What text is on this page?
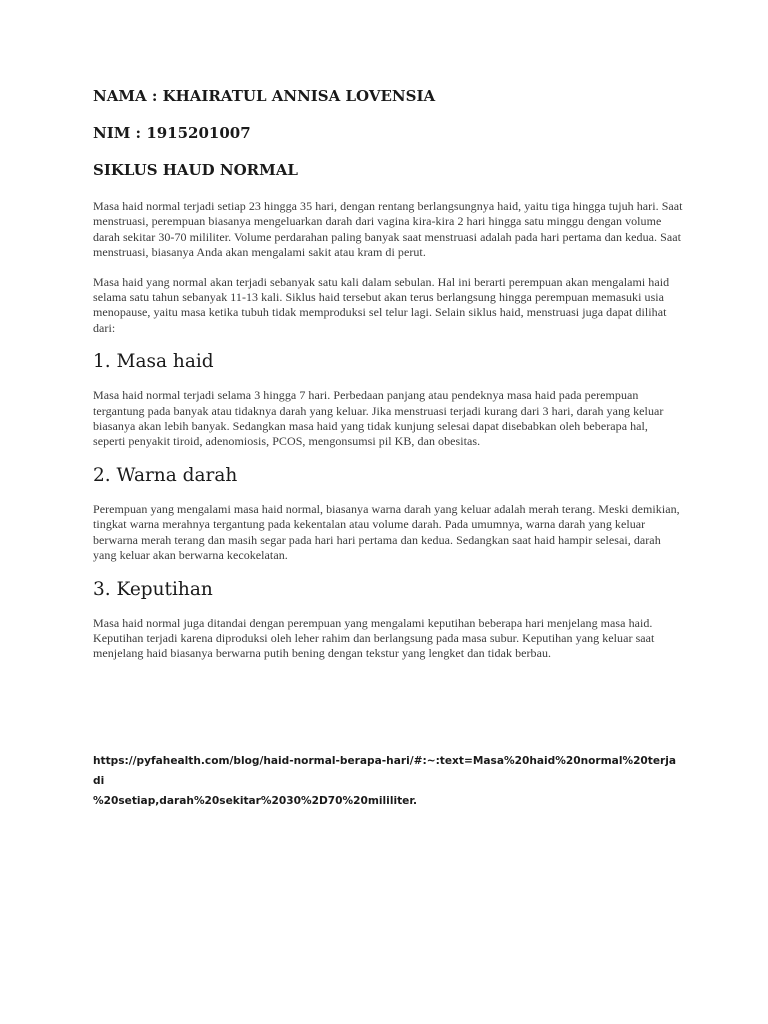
NAMA : KHAIRATUL ANNISA LOVENSIA

NIM : 1915201007

SIKLUS HAUD NORMAL

Masa haid normal terjadi setiap 23 hingga 35 hari, dengan rentang berlangsungnya haid, yaitu tiga hingga tujuh hari. Saat menstruasi, perempuan biasanya mengeluarkan darah dari vagina kira-kira 2 hari hingga satu minggu dengan volume darah sekitar 30-70 mililiter. Volume perdarahan paling banyak saat menstruasi adalah pada hari pertama dan kedua. Saat menstruasi, biasanya Anda akan mengalami sakit atau kram di perut.

Masa haid yang normal akan terjadi sebanyak satu kali dalam sebulan. Hal ini berarti perempuan akan mengalami haid selama satu tahun sebanyak 11-13 kali. Siklus haid tersebut akan terus berlangsung hingga perempuan memasuki usia menopause, yaitu masa ketika tubuh tidak memproduksi sel telur lagi. Selain siklus haid, menstruasi juga dapat dilihat dari:

1. Masa haid

Masa haid normal terjadi selama 3 hingga 7 hari. Perbedaan panjang atau pendeknya masa haid pada perempuan tergantung pada banyak atau tidaknya darah yang keluar. Jika menstruasi terjadi kurang dari 3 hari, darah yang keluar biasanya akan lebih banyak. Sedangkan masa haid yang tidak kunjung selesai dapat disebabkan oleh beberapa hal, seperti penyakit tiroid, adenomiosis, PCOS, mengonsumsi pil KB, dan obesitas.

2. Warna darah

Perempuan yang mengalami masa haid normal, biasanya warna darah yang keluar adalah merah terang. Meski demikian, tingkat warna merahnya tergantung pada kekentalan atau volume darah. Pada umumnya, warna darah yang keluar berwarna merah terang dan masih segar pada hari hari pertama dan kedua. Sedangkan saat haid hampir selesai, darah yang keluar akan berwarna kecokelatan.

3. Keputihan

Masa haid normal juga ditandai dengan perempuan yang mengalami keputihan beberapa hari menjelang masa haid. Keputihan terjadi karena diproduksi oleh leher rahim dan berlangsung pada masa subur. Keputihan yang keluar saat menjelang haid biasanya berwarna putih bening dengan tekstur yang lengket dan tidak berbau.

https://pyfahealth.com/blog/haid-normal-berapa-hari/#:~:text=Masa%20haid%20normal%20terjadi

%20setiap,darah%20sekitar%2030%2D70%20mililiter.
